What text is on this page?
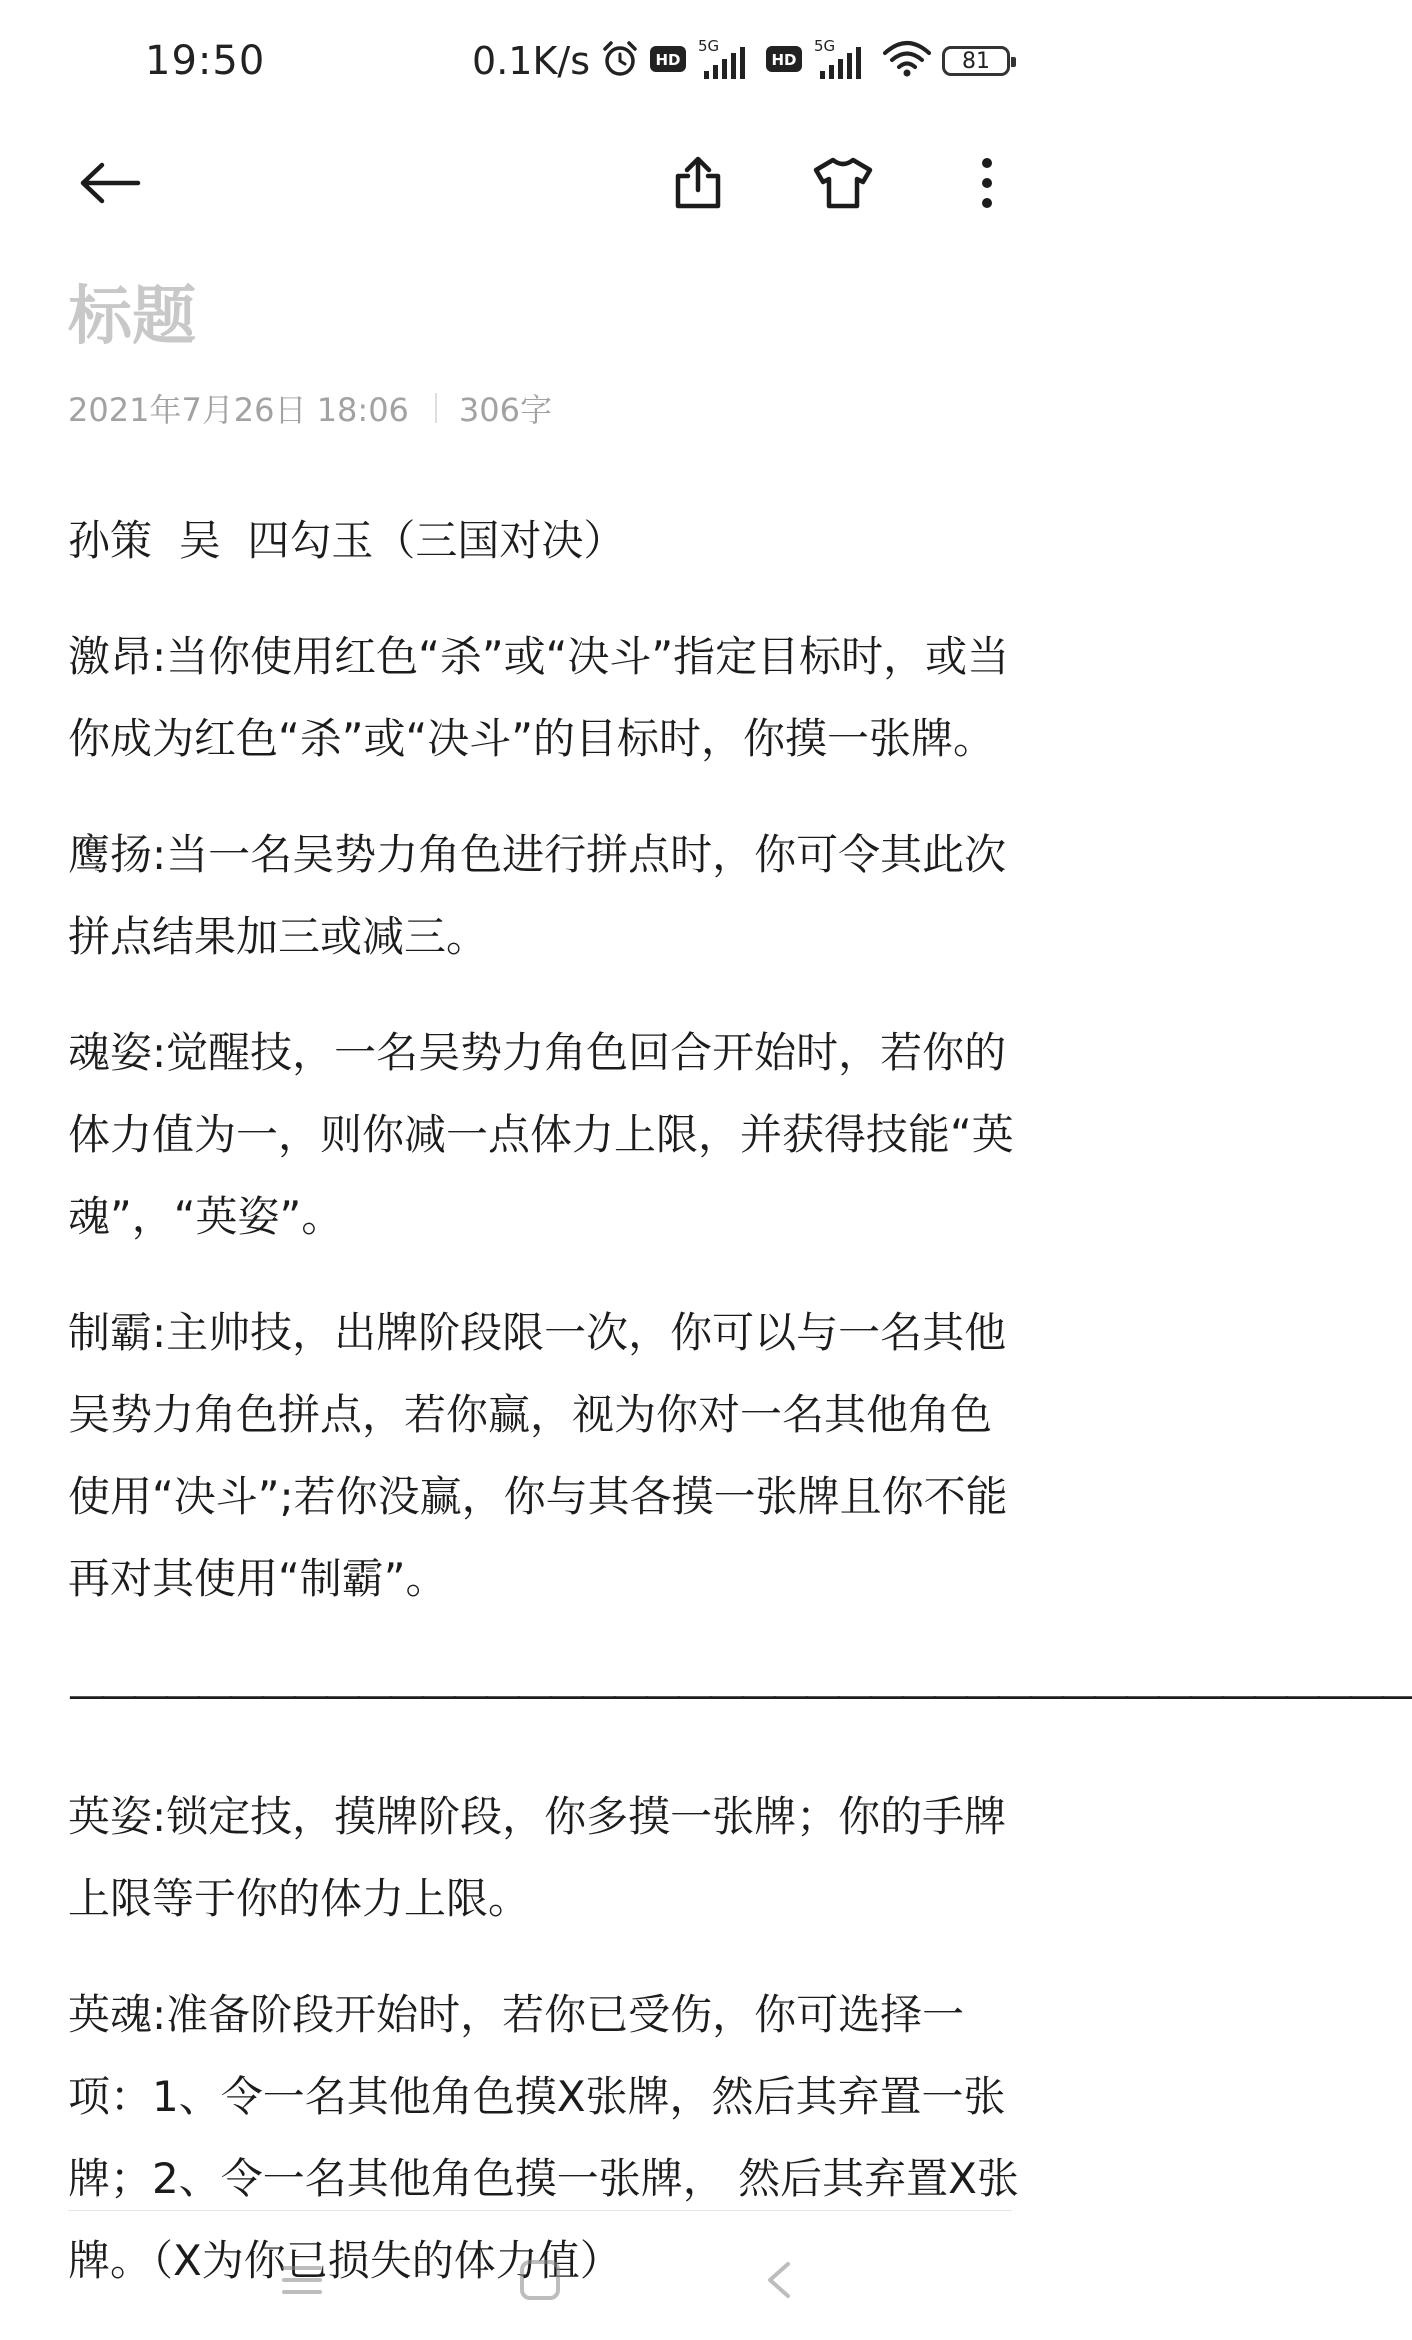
19:50	0.1K/s	HD
5G
HD
5G
81
标题
2021年7月26日 18:06 306字

孙策  吴  四勾玉（三国对决）

激昂:当你使用红色“杀”或“决斗”指定目标时，或当你成为红色“杀”或“决斗”的目标时，你摸一张牌。

鹰扬:当一名吴势力角色进行拼点时，你可令其此次拼点结果加三或减三。

魂姿:觉醒技，一名吴势力角色回合开始时，若你的体力值为一，则你减一点体力上限，并获得技能“英魂”，“英姿”。

制霸:主帅技，出牌阶段限一次，你可以与一名其他吴势力角色拼点，若你赢，视为你对一名其他角色使用“决斗”;若你没赢，你与其各摸一张牌且你不能再对其使用“制霸”。

——————————————————————————————————————————

英姿:锁定技，摸牌阶段，你多摸一张牌；你的手牌上限等于你的体力上限。

英魂:准备阶段开始时，若你已受伤，你可选择一项：1、令一名其他角色摸X张牌，然后其弃置一张牌；2、令一名其他角色摸一张牌， 然后其弃置X张牌。（X为你已损失的体力值）
